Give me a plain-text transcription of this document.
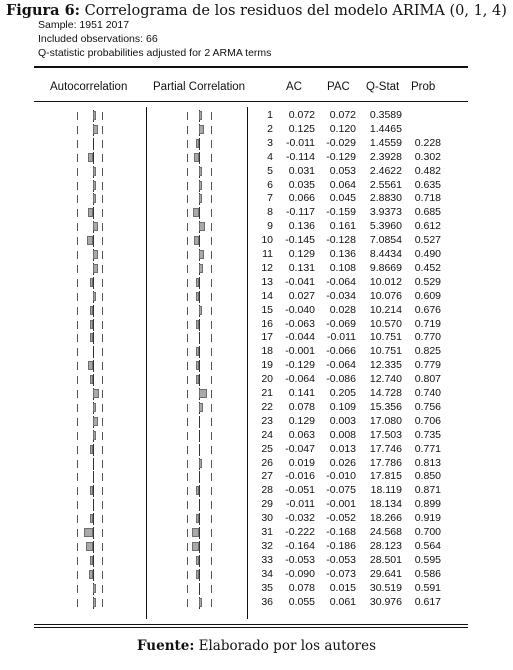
Figura 6: Correlograma de los residuos del modelo ARIMA (0, 1, 4)
Sample: 1951 2017
Included observations: 66
Q-statistic probabilities adjusted for 2 ARMA terms
Autocorrelation Partial Correlation	AC PAC Q-Stat Prob
1 0.072 0.072 0.3589
2 0.125 0.120 1.4465
3 -0.011 -0.029 1.4559 0.228
4 -0.114 -0.129 2.3928 0.302
5 0.031 0.053 2.4622 0.482
6 0.035 0.064 2.5561 0.635
7 0.066 0.045 2.8830 0.718
8 -0.117 -0.159 3.9373 0.685
9 0.136 0.161 5.3960 0.612
10 -0.145 -0.128 7.0854 0.527
11 0.129 0.136 8.4434 0.490
12 0.131 0.108 9.8669 0.452
13 -0.041 -0.064 10.012 0.529
14 0.027 -0.034 10.076 0.609
15 -0.040 0.028 10.214 0.676
16 -0.063 -0.069 10.570 0.719
17 -0.044 -0.011 10.751 0.770
18 -0.001 -0.066 10.751 0.825
19 -0.129 -0.064 12.335 0.779
20 -0.064 -0.086 12.740 0.807
21 0.141 0.205 14.728 0.740
22 0.078 0.109 15.356 0.756
23 0.129 0.003 17.080 0.706
24 0.063 0.008 17.503 0.735
25 -0.047 0.013 17.746 0.771
26 0.019 0.026 17.786 0.813
27 -0.016 -0.010 17.815 0.850
28 -0.051 -0.075 18.119 0.871
29 -0.011 -0.001 18.134 0.899
30 -0.032 -0.052 18.266 0.919
31 -0.222 -0.168 24.568 0.700
32 -0.164 -0.186 28.123 0.564
33 -0.053 -0.053 28.501 0.595
34 -0.090 -0.073 29.641 0.586
35 0.078 0.015 30.519 0.591
36 0.055 0.061 30.976 0.617
Fuente: Elaborado por los autores
